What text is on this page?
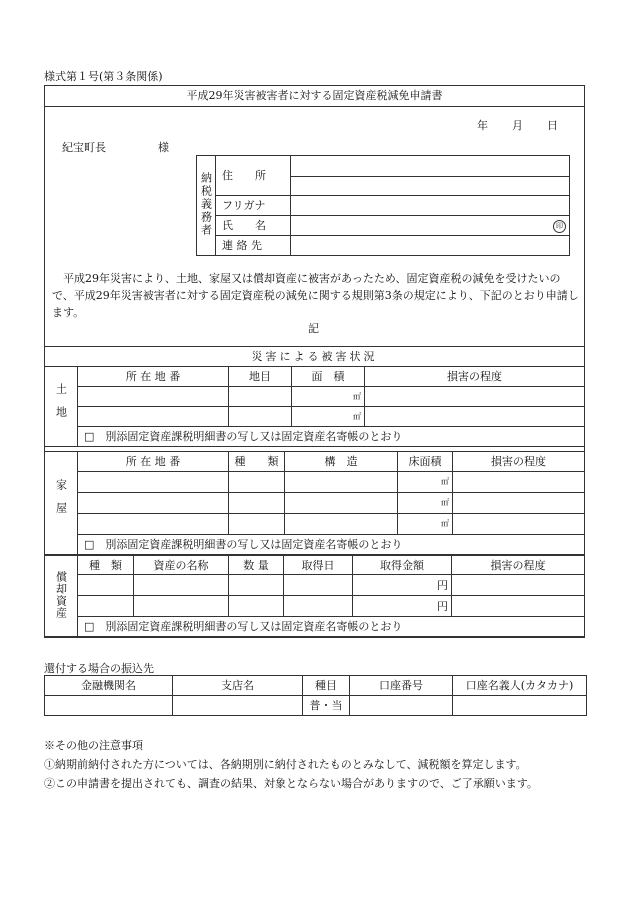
様式第１号(第３条関係)
平成29年災害被害者に対する固定資産税減免申請書
年 月 日
紀宝町長	様
納税義務者	住　　所	

	フリガナ	
	氏　　名	印
	連 絡 先	
　平成29年災害により、土地、家屋又は償却資産に被害があったため、固定資産税の減免を受けたいので、平成29年災害被害者に対する固定資産税の減免に関する規則第3条の規定により、下記のとおり申請します。
記
災害による被害状況
土地	所 在 地 番	地目	面　積	損害の程度
			㎡	
			㎡	
	□　別添固定資産課税明細書の写し又は固定資産名寄帳のとおり			
家屋	所 在 地 番	種　　類	構　造	床面積	損害の程度
				㎡	
				㎡	
				㎡	
	□　別添固定資産課税明細書の写し又は固定資産名寄帳のとおり				
償却資産	種　類	資産の名称	数 量	取得日	取得金額	損害の程度
					円	
					円	
	□　別添固定資産課税明細書の写し又は固定資産名寄帳のとおり					
還付する場合の振込先
金融機関名	支店名	種目	口座番号	口座名義人(カタカナ)
		普・当		
※その他の注意事項
①納期前納付された方については、各納期別に納付されたものとみなして、減税額を算定します。
②この申請書を提出されても、調査の結果、対象とならない場合がありますので、ご了承願います。
